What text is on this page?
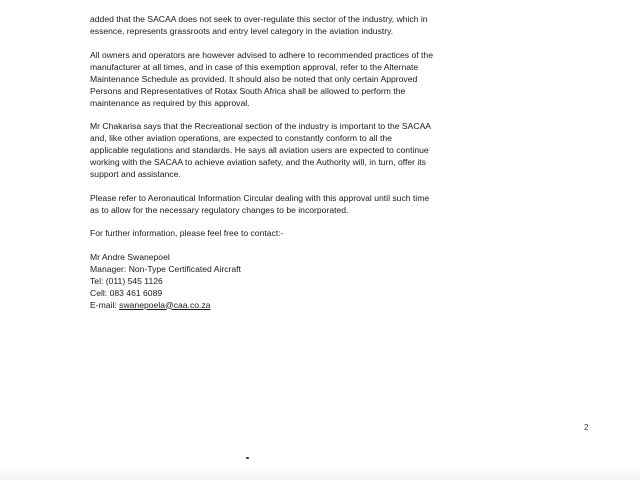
added that the SACAA does not seek to over-regulate this sector of the industry, which in
essence, represents grassroots and entry level category in the aviation industry.

All owners and operators are however advised to adhere to recommended practices of the
manufacturer at all times, and in case of this exemption approval, refer to the Alternate
Maintenance Schedule as provided. It should also be noted that only certain Approved
Persons and Representatives of Rotax South Africa shall be allowed to perform the
maintenance as required by this approval.

Mr Chakarisa says that the Recreational section of the industry is important to the SACAA
and, like other aviation operations, are expected to constantly conform to all the
applicable regulations and standards. He says all aviation users are expected to continue
working with the SACAA to achieve aviation safety, and the Authority will, in turn, offer its
support and assistance.

Please refer to Aeronautical Information Circular dealing with this approval until such time
as to allow for the necessary regulatory changes to be incorporated.

For further information, please feel free to contact:-

Mr Andre Swanepoel

Manager: Non-Type Certificated Aircraft

Tel: (011) 545 1126

Cell: 083 461 6089

E-mail: swanepoela@caa.co.za

2
